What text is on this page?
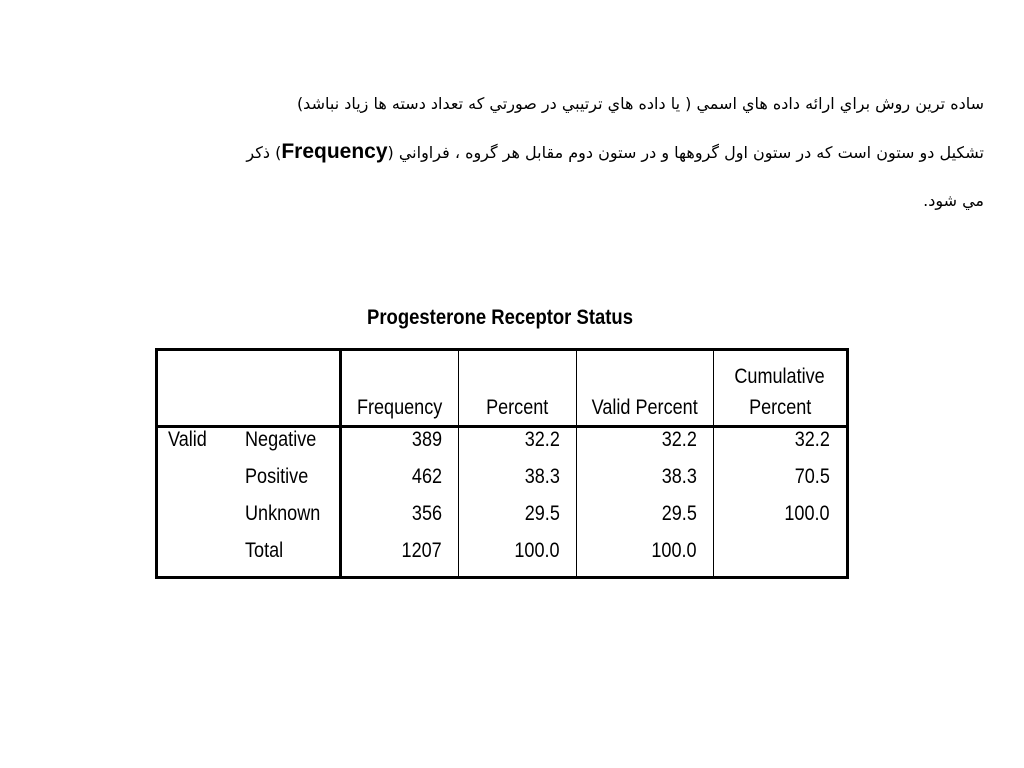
ساده ترين روش براي ارائه داده هاي اسمي ( يا داده هاي ترتيبي در صورتي كه تعداد دسته ها زياد نباشد)
تشكيل دو ستون است كه در ستون اول گروهها و در ستون دوم مقابل هر گروه ، فراواني (Frequency) ذكر
مي شود.
Progesterone Receptor Status
		Frequency	Percent	Valid Percent	Cumulative
Percent
Valid	Negative	389	32.2	32.2	32.2
	Positive	462	38.3	38.3	70.5
	Unknown	356	29.5	29.5	100.0
	Total	1207	100.0	100.0	
